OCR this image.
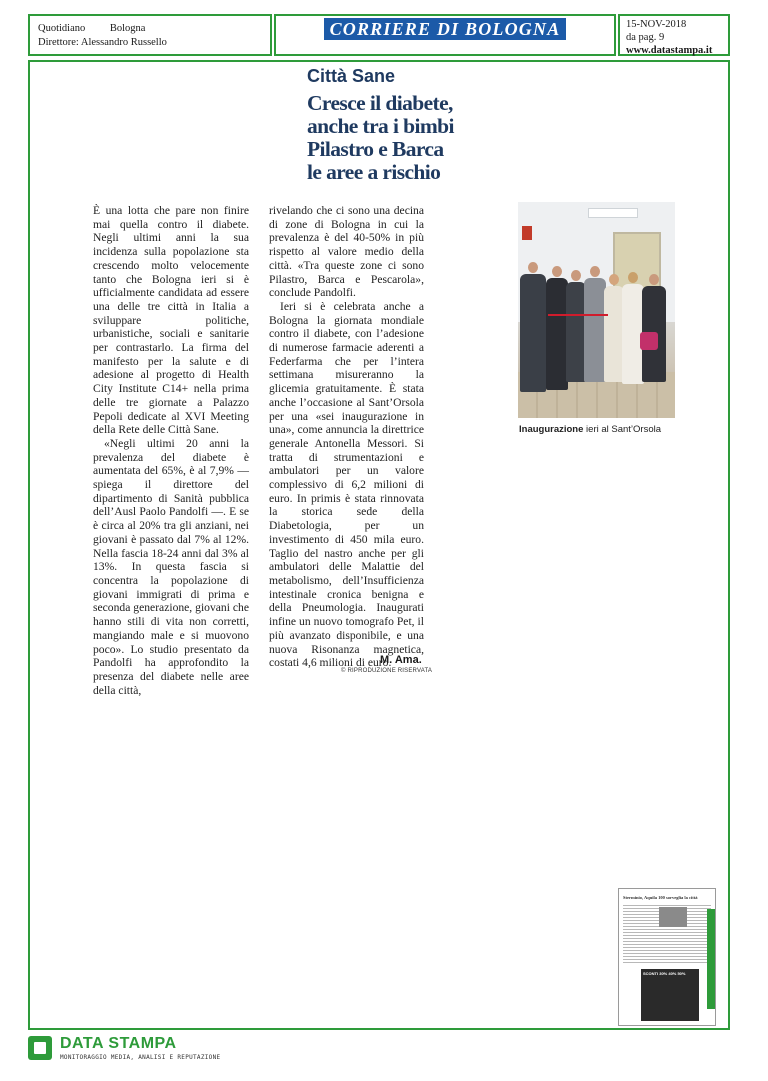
Quotidiano Bologna
Direttore: Alessandro Russello
CORRIERE DI BOLOGNA	15-NOV-2018
da pag. 9
www.datastampa.it
Città Sane
Cresce il diabete,
anche tra i bimbi
Pilastro e Barca
le aree a rischio

È una lotta che pare non finire mai quella contro il diabete. Negli ultimi anni la sua incidenza sulla popolazione sta crescendo molto velocemente tanto che Bologna ieri si è ufficialmente candidata ad essere una delle tre città in Italia a sviluppare politiche, urbanistiche, sociali e sanitarie per contrastarlo. La firma del manifesto per la salute e di adesione al progetto di Health City Institute C14+ nella prima delle tre giornate a Palazzo Pepoli dedicate al XVI Meeting della Rete delle Città Sane.

«Negli ultimi 20 anni la prevalenza del diabete è aumentata del 65%, è al 7,9% — spiega il direttore del dipartimento di Sanità pubblica dell’Ausl Paolo Pandolfi —. E se è circa al 20% tra gli anziani, nei giovani è passato dal 7% al 12%. Nella fascia 18-24 anni dal 3% al 13%. In questa fascia si concentra la popolazione di giovani immigrati di prima e seconda generazione, giovani che hanno stili di vita non corretti, mangiando male e si muovono poco». Lo studio presentato da Pandolfi ha approfondito la presenza del diabete nelle aree della città,

rivelando che ci sono una decina di zone di Bologna in cui la prevalenza è del 40-50% in più rispetto al valore medio della città. «Tra queste zone ci sono Pilastro, Barca e Pescarola», conclude Pandolfi.

Ieri si è celebrata anche a Bologna la giornata mondiale contro il diabete, con l’adesione di numerose farmacie aderenti a Federfarma che per l’intera settimana misureranno la glicemia gratuitamente. È stata anche l’occasione al Sant’Orsola per una «sei inaugurazione in una», come annuncia la direttrice generale Antonella Messori. Si tratta di strumentazioni e ambulatori per un valore complessivo di 6,2 milioni di euro. In primis è stata rinnovata la storica sede della Diabetologia, per un investimento di 450 mila euro. Taglio del nastro anche per gli ambulatori delle Malattie del metabolismo, dell’Insufficienza intestinale cronica benigna e della Pneumologia. Inaugurati infine un nuovo tomografo Pet, il più avanzato disponibile, e una nuova Risonanza magnetica, costati 4,6 milioni di euro.

M. Ama.
© RIPRODUZIONE RISERVATA
Inaugurazione ieri al Sant’Orsola
Sterminio, Aquila 100 sorveglia la città
SCONTI 30% 40% 50%
DATA STAMPA
MONITORAGGIO MEDIA, ANALISI E REPUTAZIONE
